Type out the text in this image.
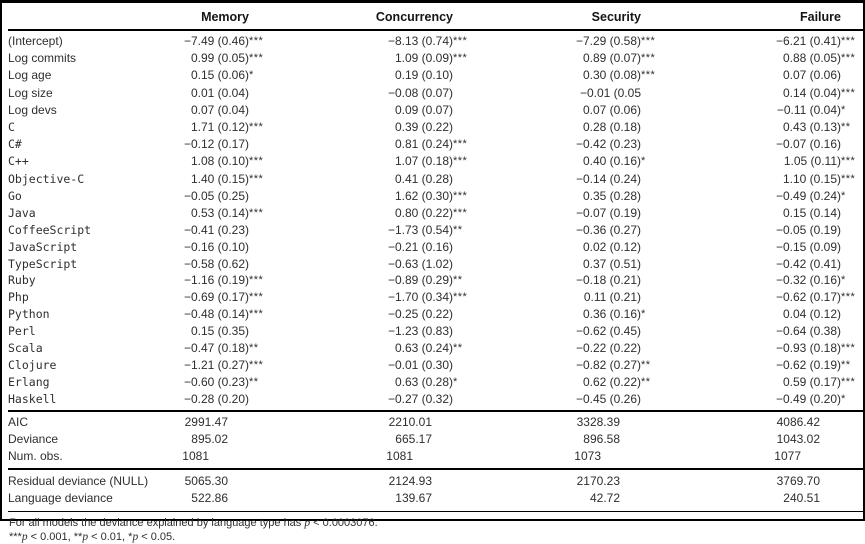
Memory	Concurrency	Security	Failure
(Intercept)	−7.49 (0.46) ***	−8.13 (0.74) ***	−7.29 (0.58) ***	−6.21 (0.41) ***
Log commits	0.99 (0.05) ***	1.09 (0.09) ***	0.89 (0.07) ***	0.88 (0.05) ***
Log age	0.15 (0.06) *	0.19 (0.10)	0.30 (0.08) ***	0.07 (0.06)
Log size	0.01 (0.04)	−0.08 (0.07)	−0.01 (0.05	0.14 (0.04) ***
Log devs	0.07 (0.04)	0.09 (0.07)	0.07 (0.06)	−0.11 (0.04) *
C	1.71 (0.12) ***	0.39 (0.22)	0.28 (0.18)	0.43 (0.13) **
C#	−0.12 (0.17)	0.81 (0.24) ***	−0.42 (0.23)	−0.07 (0.16)
C++	1.08 (0.10) ***	1.07 (0.18) ***	0.40 (0.16) *	1.05 (0.11) ***
Objective-C	1.40 (0.15) ***	0.41 (0.28)	−0.14 (0.24)	1.10 (0.15) ***
Go	−0.05 (0.25)	1.62 (0.30) ***	0.35 (0.28)	−0.49 (0.24) *
Java	0.53 (0.14) ***	0.80 (0.22) ***	−0.07 (0.19)	0.15 (0.14)
CoffeeScript	−0.41 (0.23)	−1.73 (0.54) **	−0.36 (0.27)	−0.05 (0.19)
JavaScript	−0.16 (0.10)	−0.21 (0.16)	0.02 (0.12)	−0.15 (0.09)
TypeScript	−0.58 (0.62)	−0.63 (1.02)	0.37 (0.51)	−0.42 (0.41)
Ruby	−1.16 (0.19) ***	−0.89 (0.29) **	−0.18 (0.21)	−0.32 (0.16) *
Php	−0.69 (0.17) ***	−1.70 (0.34) ***	0.11 (0.21)	−0.62 (0.17) ***
Python	−0.48 (0.14) ***	−0.25 (0.22)	0.36 (0.16) *	0.04 (0.12)
Perl	0.15 (0.35)	−1.23 (0.83)	−0.62 (0.45)	−0.64 (0.38)
Scala	−0.47 (0.18) **	0.63 (0.24) **	−0.22 (0.22)	−0.93 (0.18) ***
Clojure	−1.21 (0.27) ***	−0.01 (0.30)	−0.82 (0.27) **	−0.62 (0.19) **
Erlang	−0.60 (0.23) **	0.63 (0.28) *	0.62 (0.22) **	0.59 (0.17) ***
Haskell	−0.28 (0.20)	−0.27 (0.32)	−0.45 (0.26)	−0.49 (0.20) *
AIC	2991.47	2210.01	3328.39	4086.42
Deviance	895.02	665.17	896.58	1043.02
Num. obs.	1081	1081	1073	1077
Residual deviance (NULL)	5065.30	2124.93	2170.23	3769.70
Language deviance	522.86	139.67	42.72	240.51
For all models the deviance explained by language type has p < 0.0003076.
***p < 0.001, **p < 0.01, *p < 0.05.
